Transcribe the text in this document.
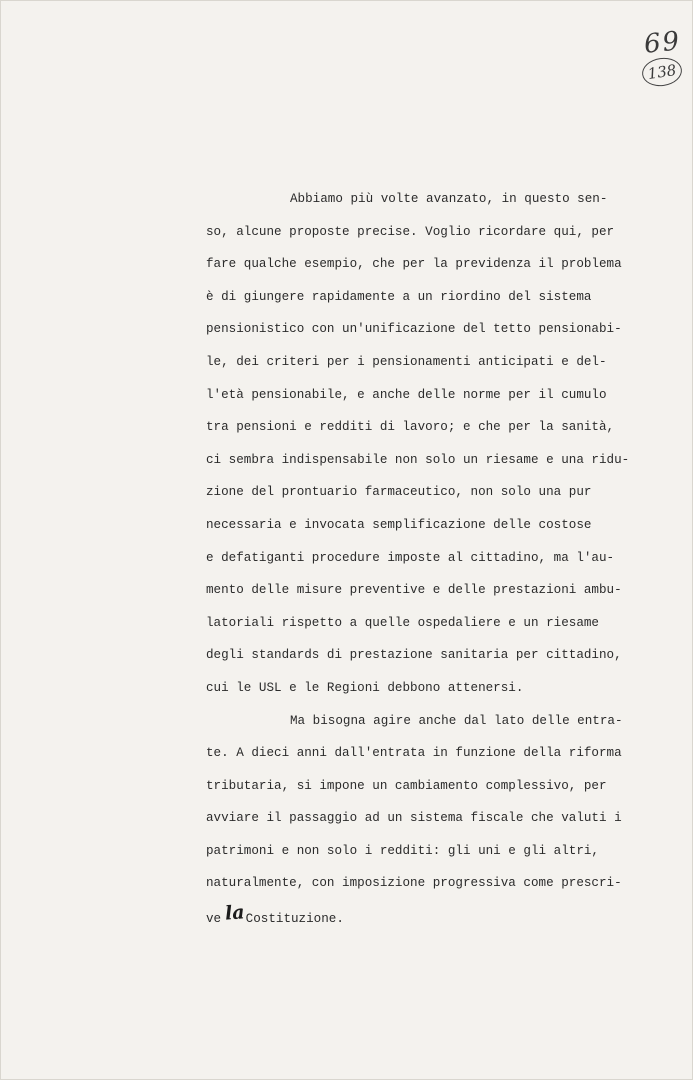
69
138
Abbiamo più volte avanzato, in questo sen-
so, alcune proposte precise. Voglio ricordare qui, per
fare qualche esempio, che per la previdenza il problema
è di giungere rapidamente a un riordino del sistema
pensionistico con un'unificazione del tetto pensionabi-
le, dei criteri per i pensionamenti anticipati e del-
l'età pensionabile, e anche delle norme per il cumulo
tra pensioni e redditi di lavoro; e che per la sanità,
ci sembra indispensabile non solo un riesame e una ridu-
zione del prontuario farmaceutico, non solo una pur
necessaria e invocata semplificazione delle costose
e defatiganti procedure imposte al cittadino, ma l'au-
mento delle misure preventive e delle prestazioni ambu-
latoriali rispetto a quelle ospedaliere e un riesame
degli standards di prestazione sanitaria per cittadino,
cui le USL e le Regioni debbono attenersi.
Ma bisogna agire anche dal lato delle entra-
te. A dieci anni dall'entrata in funzione della riforma
tributaria, si impone un cambiamento complessivo, per
avviare il passaggio ad un sistema fiscale che valuti i
patrimoni e non solo i redditi: gli uni e gli altri,
naturalmente, con imposizione progressiva come prescri-
ve laCostituzione.
